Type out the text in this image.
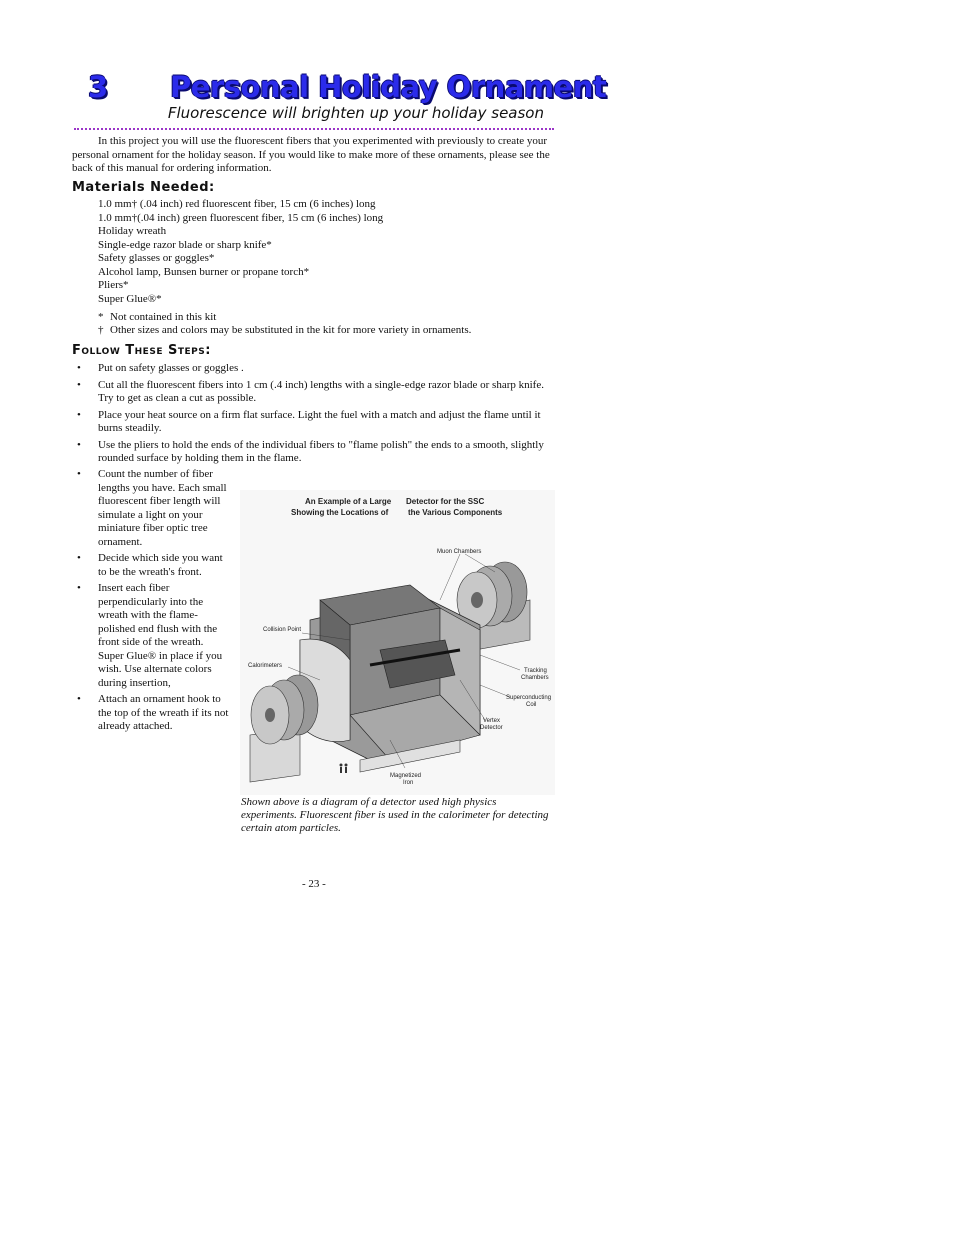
3 Personal Holiday Ornament
Fluorescence will brighten up your holiday season

In this project you will use the fluorescent fibers that you experimented with previously to create your personal ornament for the holiday season. If you would like to make more of these ornaments, please see the back of this manual for ordering information.

Materials Needed:
1.0 mm† (.04 inch) red fluorescent fiber, 15 cm (6 inches) long
1.0 mm†(.04 inch) green fluorescent fiber, 15 cm (6 inches) long
Holiday wreath
Single-edge razor blade or sharp knife*
Safety glasses or goggles*
Alcohol lamp, Bunsen burner or propane torch*
Pliers*
Super Glue®*
* Not contained in this kit
† Other sizes and colors may be substituted in the kit for more variety in ornaments.
Follow These Steps:
• Put on safety glasses or goggles .
• Cut all the fluorescent fibers into 1 cm (.4 inch) lengths with a single-edge razor blade or sharp knife. Try to get as clean a cut as possible.
• Place your heat source on a firm flat surface. Light the fuel with a match and adjust the flame until it burns steadily.
• Use the pliers to hold the ends of the individual fibers to "flame polish" the ends to a smooth, slightly rounded surface by holding them in the flame.
• Count the number of fiber lengths you have. Each small fluorescent fiber length will simulate a light on your miniature fiber optic tree ornament.
• Decide which side you want to be the wreath's front.
• Insert each fiber perpendicularly into the wreath with the flame-polished end flush with the front side of the wreath. Super Glue® in place if you wish. Use alternate colors during insertion,
• Attach an ornament hook to the top of the wreath if its not already attached.
An Example of a Large Detector for the SSC
Showing the Locations of the Various Components
Muon Chambers
Collision Point
Calorimeters
Tracking
Chambers
Superconducting
Coil
Vertex
Detector
Magnetized
Iron

Shown above is a diagram of a detector used high physics experiments. Fluorescent fiber is used in the calorimeter for detecting certain atom particles.

- 23 -
